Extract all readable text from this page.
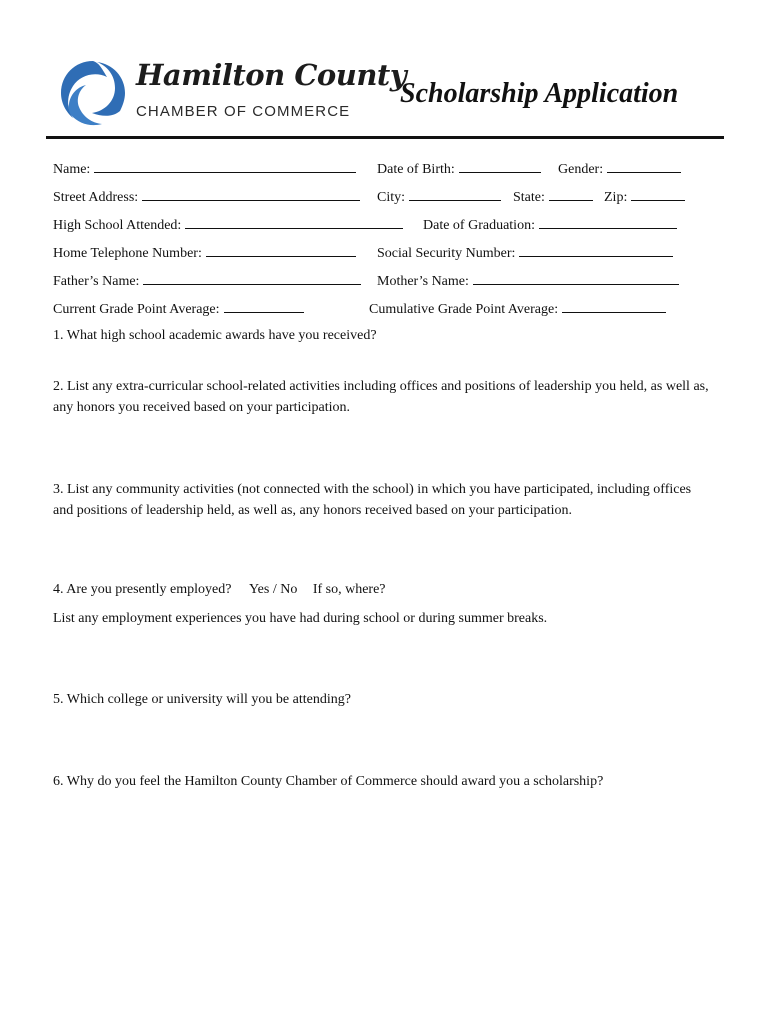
Hamilton County
CHAMBER OF COMMERCE
Scholarship Application
Name:	Date of Birth:	Gender:
Street Address:	City:	State:	Zip:
High School Attended:	Date of Graduation:
Home Telephone Number:	Social Security Number:
Father’s Name:	Mother’s Name:
Current Grade Point Average:	Cumulative Grade Point Average:
1. What high school academic awards have you received?
2. List any extra-curricular school-related activities including offices and positions of leadership you held, as well as, any honors you received based on your participation.
3. List any community activities (not connected with the school) in which you have participated, including offices and positions of leadership held, as well as, any honors received based on your participation.
4. Are you presently employed? Yes / No If so, where?
List any employment experiences you have had during school or during summer breaks.
5. Which college or university will you be attending?
6. Why do you feel the Hamilton County Chamber of Commerce should award you a scholarship?
